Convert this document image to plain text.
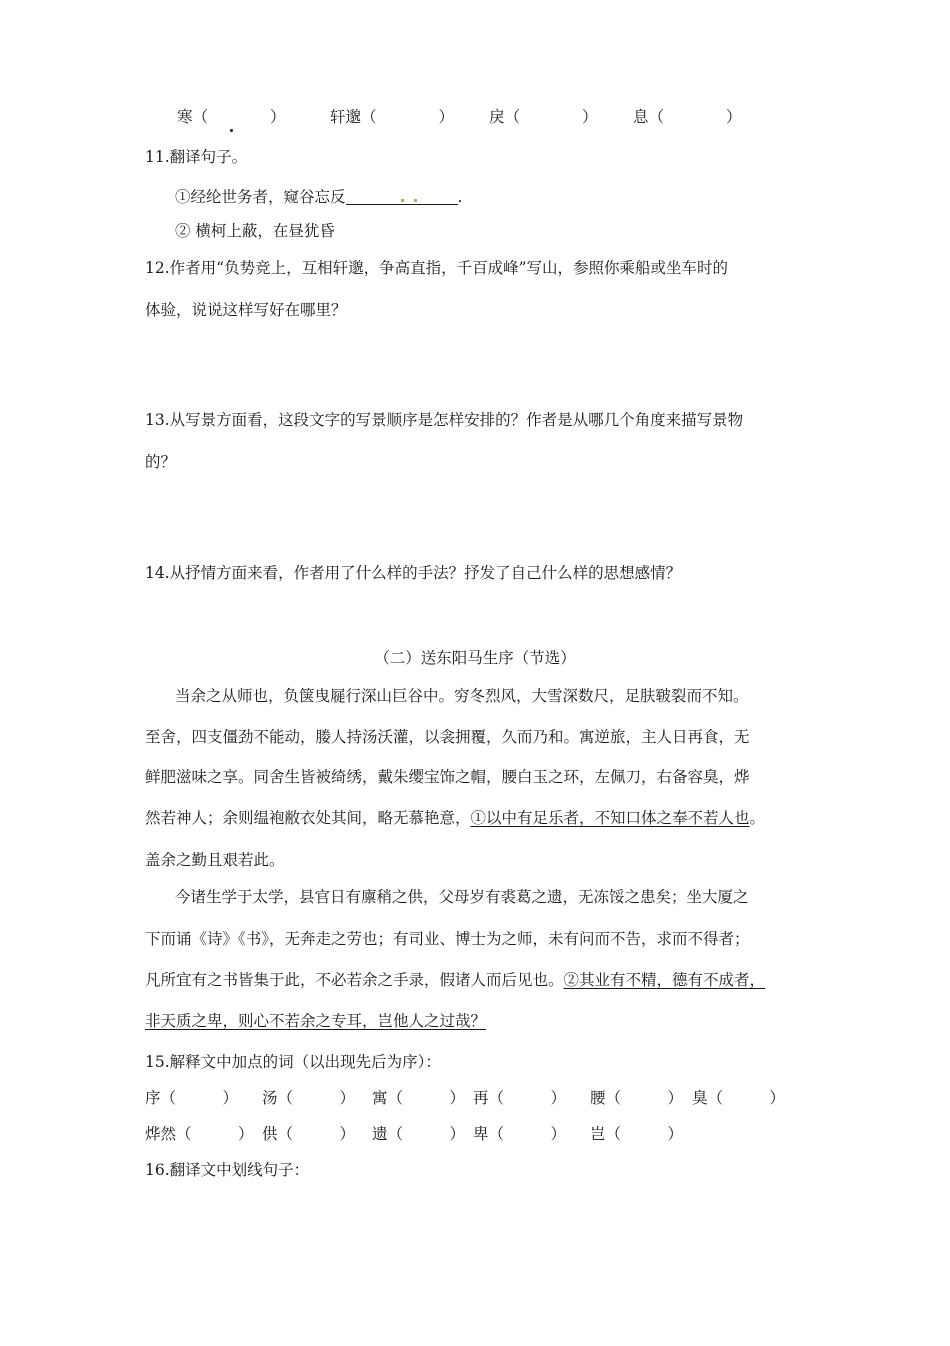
寒（　　　　）	轩邈（　　　　） 戾（　　　　） 息（　　　　）
11.翻译句子。
①经纶世务者，窥谷忘反	.
② 横柯上蔽，在昼犹昏
12.作者用“负势竞上，互相轩邈，争高直指，千百成峰”写山，参照你乘船或坐车时的
体验，说说这样写好在哪里？
13.从写景方面看，这段文字的写景顺序是怎样安排的？作者是从哪几个角度来描写景物
的？
14.从抒情方面来看，作者用了什么样的手法？抒发了自己什么样的思想感情？
（二）送东阳马生序（节选）
当余之从师也，负箧曳屣行深山巨谷中。穷冬烈风，大雪深数尺，足肤皲裂而不知。
至舍，四支僵劲不能动，媵人持汤沃灌，以衾拥覆，久而乃和。寓逆旅，主人日再食，无
鲜肥滋味之享。同舍生皆被绮绣，戴朱缨宝饰之帽，腰白玉之环，左佩刀，右备容臭，烨
然若神人；余则缊袍敝衣处其间，略无慕艳意，①以中有足乐者，不知口体之奉不若人也。
盖余之勤且艰若此。
今诸生学于太学，县官日有廪稍之供，父母岁有裘葛之遗，无冻馁之患矣；坐大厦之
下而诵《诗》《书》，无奔走之劳也；有司业、博士为之师，未有问而不告，求而不得者；
凡所宜有之书皆集于此，不必若余之手录，假诸人而后见也。②其业有不精，德有不成者，
非天质之卑，则心不若余之专耳，岂他人之过哉？
15.解释文中加点的词（以出现先后为序）：
序（　　　） 汤（　　　） 寓（　　　） 再（　　　） 腰（　　　） 臭（　　　）
烨然（　　　） 供（　　　） 遗（　　　） 卑（　　　） 岂（　　　）
16.翻译文中划线句子：
